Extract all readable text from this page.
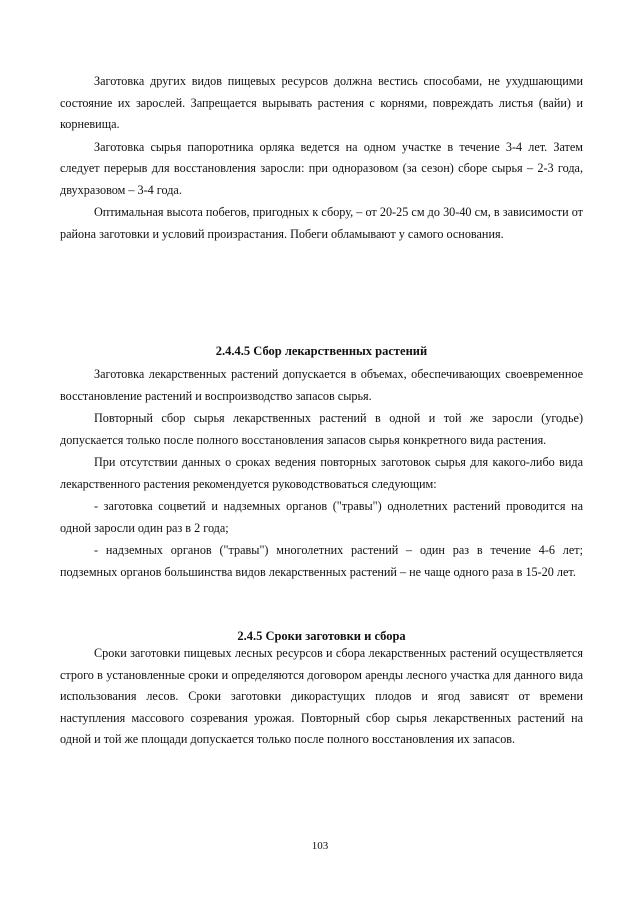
Заготовка других видов пищевых ресурсов должна вестись способами, не ухудшающими состояние их зарослей. Запрещается вырывать растения с корнями, повреждать листья (вайи) и корневища.

Заготовка сырья папоротника орляка ведется на одном участке в течение 3-4 лет. Затем следует перерыв для восстановления заросли: при одноразовом (за сезон) сборе сырья – 2-3 года, двухразовом – 3-4 года.

Оптимальная высота побегов, пригодных к сбору, – от 20-25 см до 30-40 см, в зависимости от района заготовки и условий произрастания. Побеги обламывают у самого основания.

2.4.4.5 Сбор лекарственных растений

Заготовка лекарственных растений допускается в объемах, обеспечивающих своевременное восстановление растений и воспроизводство запасов сырья.

Повторный сбор сырья лекарственных растений в одной и той же заросли (угодье) допускается только после полного восстановления запасов сырья конкретного вида растения.

При отсутствии данных о сроках ведения повторных заготовок сырья для какого-либо вида лекарственного растения рекомендуется руководствоваться следующим:

- заготовка соцветий и надземных органов ("травы") однолетних растений проводится на одной заросли один раз в 2 года;

- надземных органов ("травы") многолетних растений – один раз в течение 4-6 лет; подземных органов большинства видов лекарственных растений – не чаще одного раза в 15-20 лет.

2.4.5 Сроки заготовки и сбора

Сроки заготовки пищевых лесных ресурсов и сбора лекарственных растений осуществляется строго в установленные сроки и определяются договором аренды лесного участка для данного вида использования лесов. Сроки заготовки дикорастущих плодов и ягод зависят от времени наступления массового созревания урожая. Повторный сбор сырья лекарственных растений на одной и той же площади допускается только после полного восстановления их запасов.

103
